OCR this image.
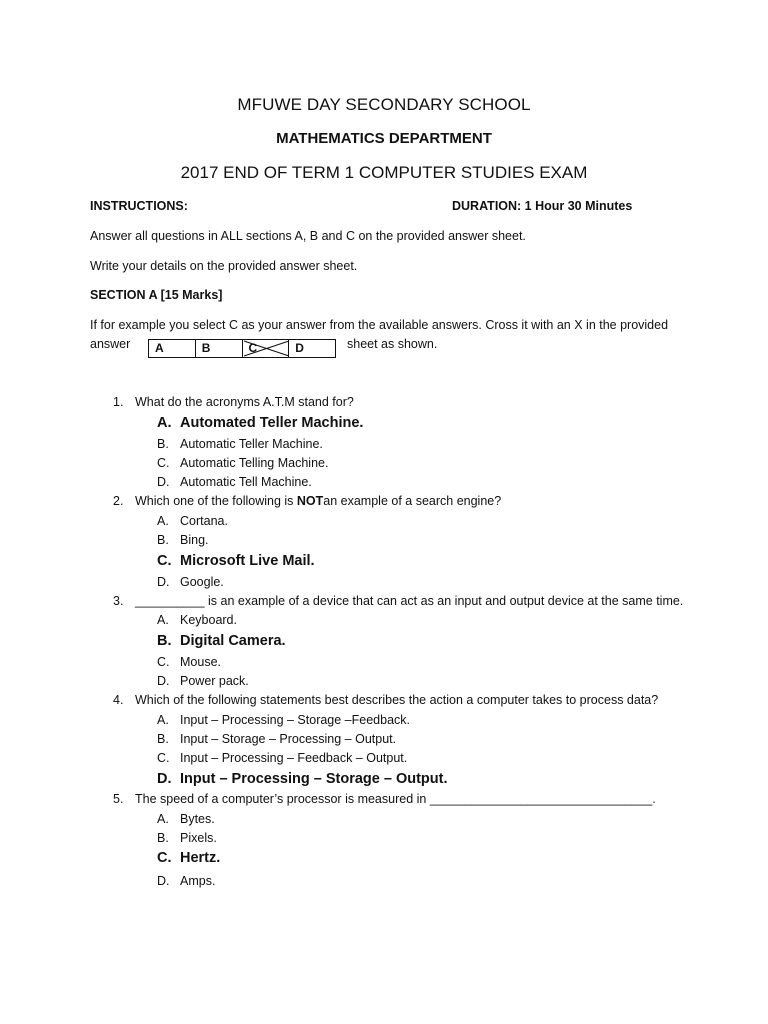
MFUWE DAY SECONDARY SCHOOL
MATHEMATICS DEPARTMENT
2017 END OF TERM 1 COMPUTER STUDIES EXAM
INSTRUCTIONS:	DURATION: 1 Hour 30 Minutes
Answer all questions in ALL sections A, B and C on the provided answer sheet.
Write your details on the provided answer sheet.
SECTION A [15 Marks]
If for example you select C as your answer from the available answers. Cross it with an X in the provided
answer	sheet as shown.
A	B	C	D
1. What do the acronyms A.T.M stand for?
A. Automated Teller Machine.
B. Automatic Teller Machine.
C. Automatic Telling Machine.
D. Automatic Tell Machine.
2. Which one of the following is NOTan example of a search engine?
A. Cortana.
B. Bing.
C. Microsoft Live Mail.
D. Google.
3. __________ is an example of a device that can act as an input and output device at the same time.
A. Keyboard.
B. Digital Camera.
C. Mouse.
D. Power pack.
4. Which of the following statements best describes the action a computer takes to process data?
A. Input – Processing – Storage –Feedback.
B. Input – Storage – Processing – Output.
C. Input – Processing – Feedback – Output.
D. Input – Processing – Storage – Output.
5. The speed of a computer’s processor is measured in ________________________________.
A. Bytes.
B. Pixels.
C. Hertz.
D. Amps.
